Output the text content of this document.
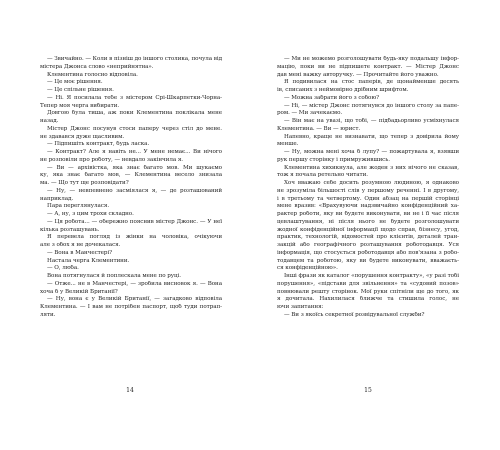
— Звичайно. — Коли в пізніш до іншого столика, почула від

містера Джонса слово «неприйнятна».

Клементина голосно відповіла.

— Це моє рішення.

— Це спільне рішення.

— Ні. Я посилала тебе з містером Срі-Шкарпетки-Чорна-

Тепер моя черга вибирати.

Довгою була тиша, аж поки Клементина поклікала мене

назад.

Містер Джонс посунув стоси паперу через стіл до мене.

не здавався дуже щасливим.

— Підпишіть контракт, будь ласка.

— Контракт? Але я навіть не... У мене немає... Ви нічого

не розповіли про роботу, — невдало закінчила я.

— Ви — архівістка, яка знає багато мов. Ми шукаємо

ку, яка знає багато мов, — Клементина весело знизала

ма. — Що тут ще розповідати?

— Ну, — невпевнено засміялася я, — де розташований

наприклад.

Пара переглянулася.

— А, ну, з цим трохи складно.

— Ця робота... — обережно пояснив містер Джонс. — У неї

кілька розташувань.

Я перевела погляд із жінки на чоловіка, очікуючи

але з обох я не дочекалася.

— Вона в Манчестері?

Настала черга Клементини.

— О, люба.

Вона потягнулася й поплескала мене по руці.

— Отже... не в Манчестері, — зробила висновок я. — Вона

хоча б у Великій Британії?

— Ну, вона є у Великій Британії, — загадково відповіла

Клементина. — І вам не потрібен паспорт, щоб туди потрап-

ляти.

14

— Ми не можемо розголошувати будь-яку подальшу інфор-

мацію, поки ви не підпишете контракт. — Містер Джонс

дав мені важку авторучку. — Прочитайте його уважно.

Я подивилася на стос паперів, де щонайменше десять

ів, списаних з неймовірно дрібним шрифтом.

— Можна забрати його з собою?

— Ні, — містер Джонс потягнувся до іншого столу за папе-

ром. — Ми зачекаємо.

— Він має на увазі, що тобі, — підбадьорливо усміхнулася

Клементина. — Ви — юрист.

Напевно, краще не визнавати, що тепер з довірила йому

менше.

— Ну, можна мені хоча б лупу? — пожартувала я, взявши

рук першу сторінку і примружившись.

Клементина хихикнула, але жоден з них нічого не сказав,

тож я почала ретельно читати.

Хоч вважаю себе досить розумною людиною, я однаково

не зрозуміла більшості слів у першому реченні. І в другому,

і в третьому та четвертому. Один абзац на першій сторінці

мене вразив: «Врахувуючи надзвичайно конфіденційний ха-

рактер роботи, яку ви будете виконувати, ви не і її час після

цевлаштування, ні після нього не будете розголошувати

жодної конфіденційної інформації щодо справ, бізнесу, угод,

практик, технологій, відомостей про клієнтів, деталей тран-

закцій або географічного розташування роботодавця. Уся

інформація, що стосується роботодавця або пов'язана з робо-

тодавцем та роботою, яку ви будете виконувати, вважаєть-

ся конфіденційною».

Інші фрази як каталог «порушення контракту», «у разі тобі

порушення», «підстави для звільнення» та «судовий позов»

повнювали решту сторінок. Мої руки спітніли ще до того, як

я дочитала. Нахилилася ближче та стишила голос, не

ючи запитання:

— Ви з якоїсь секретної розвідувальної служби?

15
